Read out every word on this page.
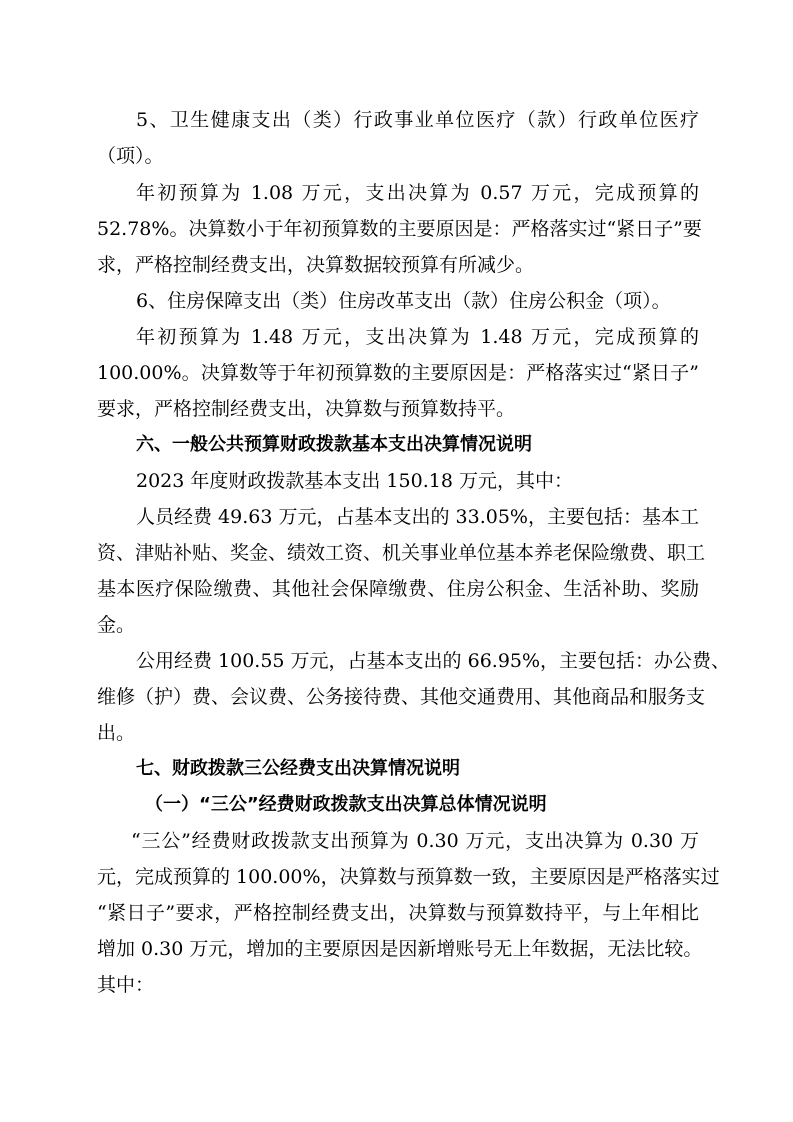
5、卫生健康支出（类）行政事业单位医疗（款）行政单位医疗
（项）。
年初预算为 1.08 万元，支出决算为 0.57 万元，完成预算的
52.78%。决算数小于年初预算数的主要原因是：严格落实过“紧日子”要
求，严格控制经费支出，决算数据较预算有所减少。
6、住房保障支出（类）住房改革支出（款）住房公积金（项）。
年初预算为 1.48 万元，支出决算为 1.48 万元，完成预算的
100.00%。决算数等于年初预算数的主要原因是：严格落实过“紧日子”
要求，严格控制经费支出，决算数与预算数持平。
六、一般公共预算财政拨款基本支出决算情况说明
2023 年度财政拨款基本支出 150.18 万元，其中：
人员经费 49.63 万元，占基本支出的 33.05%，主要包括：基本工
资、津贴补贴、奖金、绩效工资、机关事业单位基本养老保险缴费、职工
基本医疗保险缴费、其他社会保障缴费、住房公积金、生活补助、奖励
金。
公用经费 100.55 万元，占基本支出的 66.95%，主要包括：办公费、
维修（护）费、会议费、公务接待费、其他交通费用、其他商品和服务支
出。
七、财政拨款三公经费支出决算情况说明
（一）“三公”经费财政拨款支出决算总体情况说明
“三公”经费财政拨款支出预算为 0.30 万元，支出决算为 0.30 万
元，完成预算的 100.00%，决算数与预算数一致，主要原因是严格落实过
“紧日子”要求，严格控制经费支出，决算数与预算数持平，与上年相比
增加 0.30 万元，增加的主要原因是因新增账号无上年数据，无法比较。
其中：
